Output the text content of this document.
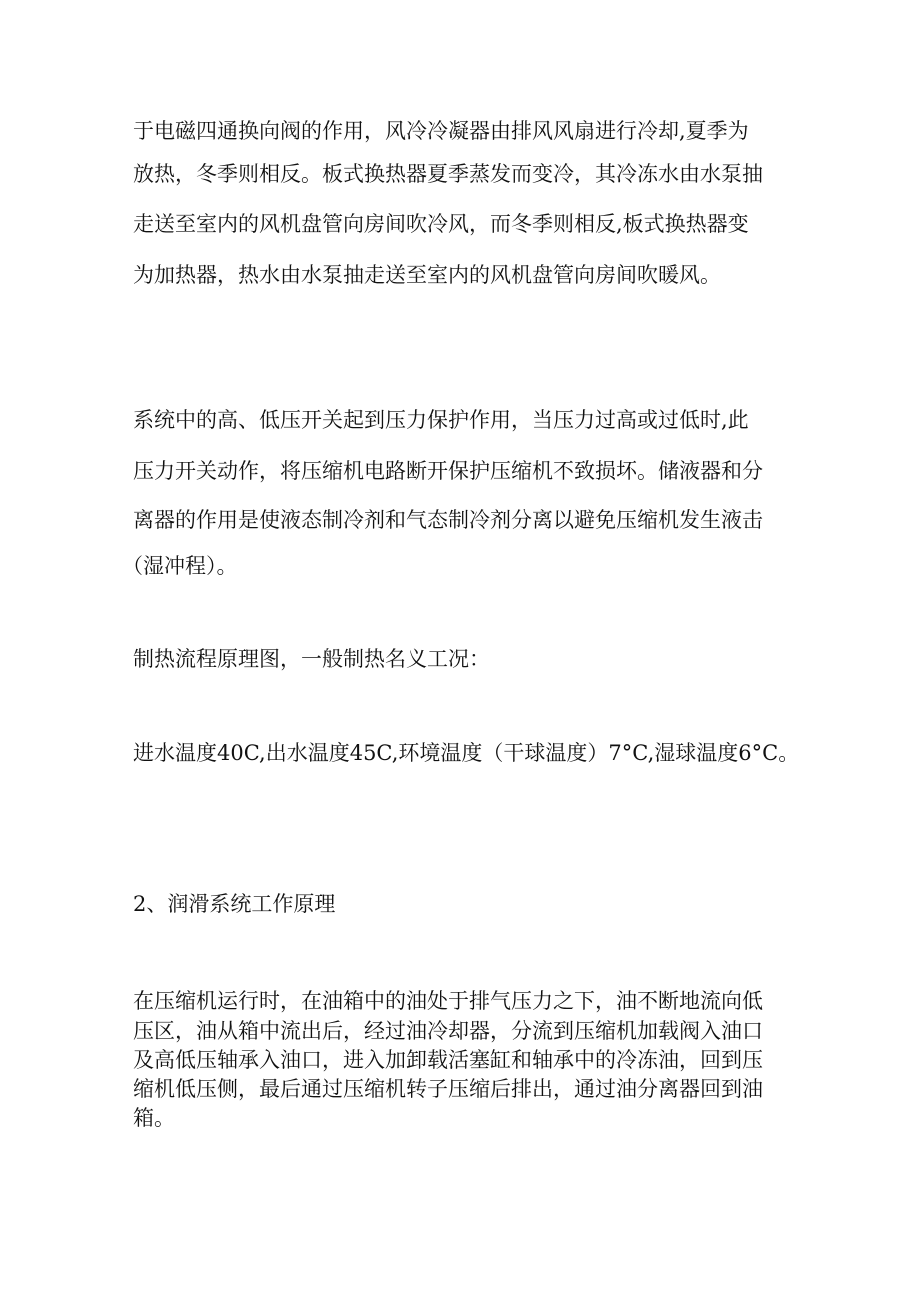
于电磁四通换向阀的作用，风冷冷凝器由排风风扇进行冷却,夏季为
放热，冬季则相反。板式换热器夏季蒸发而变冷，其冷冻水由水泵抽
走送至室内的风机盘管向房间吹冷风，而冬季则相反,板式换热器变
为加热器，热水由水泵抽走送至室内的风机盘管向房间吹暖风。
系统中的高、低压开关起到压力保护作用，当压力过高或过低时,此
压力开关动作，将压缩机电路断开保护压缩机不致损坏。储液器和分
离器的作用是使液态制冷剂和气态制冷剂分离以避免压缩机发生液击
（湿冲程）。
制热流程原理图，一般制热名义工况：
进水温度40C,出水温度45C,环境温度（干球温度）7°C,湿球温度6°C。
2、润滑系统工作原理
在压缩机运行时，在油箱中的油处于排气压力之下，油不断地流向低
压区，油从箱中流出后，经过油冷却器，分流到压缩机加载阀入油口
及高低压轴承入油口，进入加卸载活塞缸和轴承中的冷冻油，回到压
缩机低压侧，最后通过压缩机转子压缩后排出，通过油分离器回到油
箱。
